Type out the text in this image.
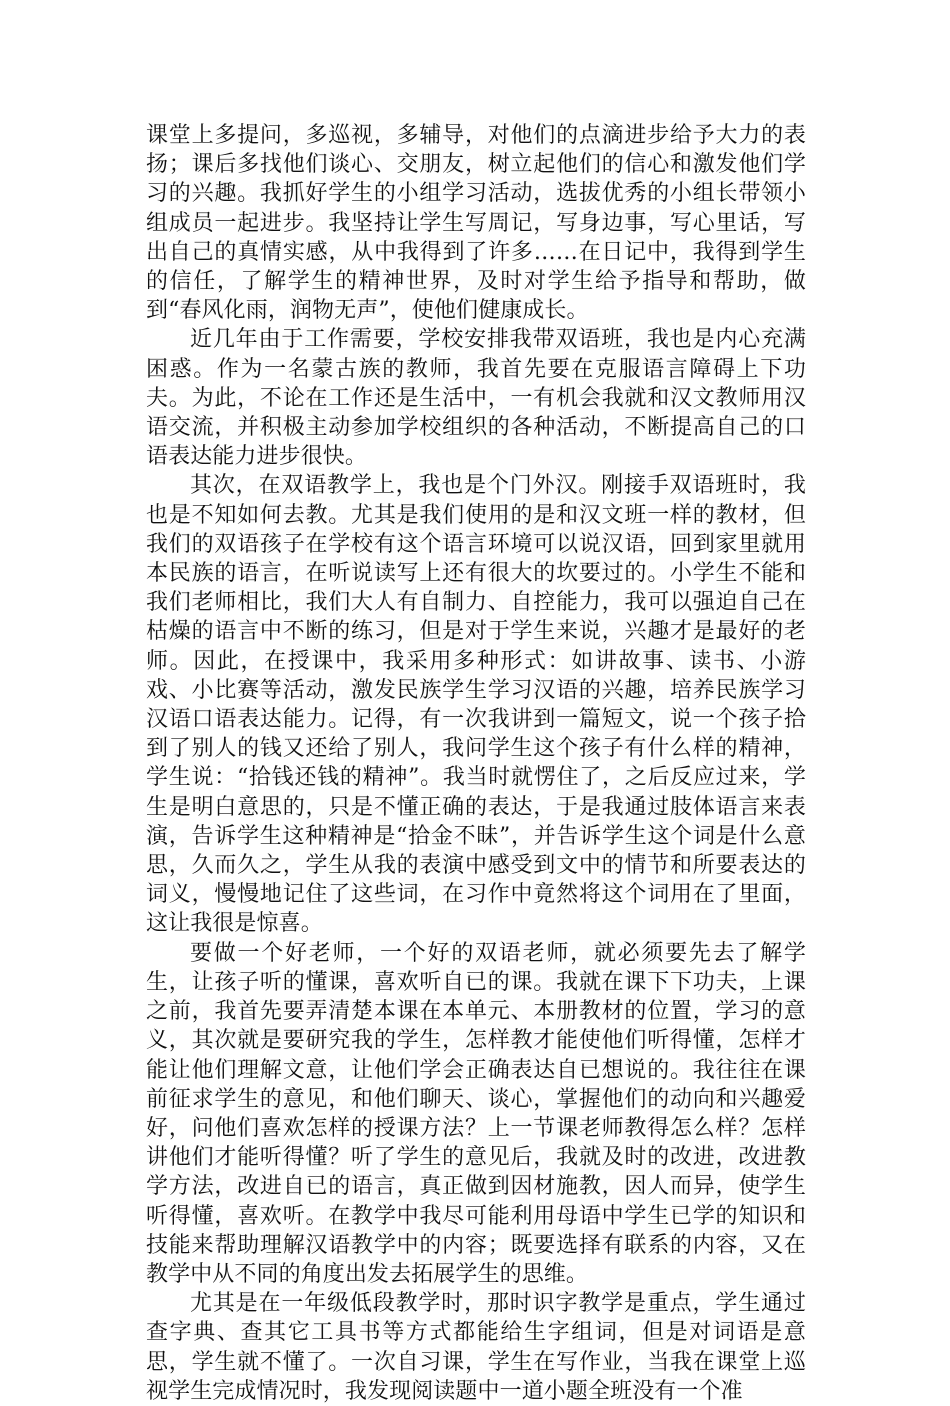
课堂上多提问，多巡视，多辅导，对他们的点滴进步给予大力的表扬；课后多找他们谈心、交朋友，树立起他们的信心和激发他们学习的兴趣。我抓好学生的小组学习活动，选拔优秀的小组长带领小组成员一起进步。我坚持让学生写周记，写身边事，写心里话，写出自己的真情实感，从中我得到了许多……在日记中，我得到学生的信任，了解学生的精神世界，及时对学生给予指导和帮助，做到“春风化雨，润物无声”，使他们健康成长。

近几年由于工作需要，学校安排我带双语班，我也是内心充满困惑。作为一名蒙古族的教师，我首先要在克服语言障碍上下功夫。为此，不论在工作还是生活中，一有机会我就和汉文教师用汉语交流，并积极主动参加学校组织的各种活动，不断提高自己的口语表达能力进步很快。

其次，在双语教学上，我也是个门外汉。刚接手双语班时，我也是不知如何去教。尤其是我们使用的是和汉文班一样的教材，但我们的双语孩子在学校有这个语言环境可以说汉语，回到家里就用本民族的语言，在听说读写上还有很大的坎要过的。小学生不能和我们老师相比，我们大人有自制力、自控能力，我可以强迫自己在枯燥的语言中不断的练习，但是对于学生来说，兴趣才是最好的老师。因此，在授课中，我采用多种形式：如讲故事、读书、小游戏、小比赛等活动，激发民族学生学习汉语的兴趣，培养民族学习汉语口语表达能力。记得，有一次我讲到一篇短文，说一个孩子拾到了别人的钱又还给了别人，我问学生这个孩子有什么样的精神，学生说：“拾钱还钱的精神”。我当时就愣住了，之后反应过来，学生是明白意思的，只是不懂正确的表达，于是我通过肢体语言来表演，告诉学生这种精神是“拾金不昧”，并告诉学生这个词是什么意思，久而久之，学生从我的表演中感受到文中的情节和所要表达的词义，慢慢地记住了这些词，在习作中竟然将这个词用在了里面，这让我很是惊喜。

要做一个好老师，一个好的双语老师，就必须要先去了解学生，让孩子听的懂课，喜欢听自已的课。我就在课下下功夫，上课之前，我首先要弄清楚本课在本单元、本册教材的位置，学习的意义，其次就是要研究我的学生，怎样教才能使他们听得懂，怎样才能让他们理解文意，让他们学会正确表达自已想说的。我往往在课前征求学生的意见，和他们聊天、谈心，掌握他们的动向和兴趣爱好，问他们喜欢怎样的授课方法？上一节课老师教得怎么样？怎样讲他们才能听得懂？听了学生的意见后，我就及时的改进，改进教学方法，改进自已的语言，真正做到因材施教，因人而异，使学生听得懂，喜欢听。在教学中我尽可能利用母语中学生已学的知识和技能来帮助理解汉语教学中的内容；既要选择有联系的内容，又在教学中从不同的角度出发去拓展学生的思维。

尤其是在一年级低段教学时，那时识字教学是重点，学生通过查字典、查其它工具书等方式都能给生字组词，但是对词语是意思，学生就不懂了。一次自习课，学生在写作业，当我在课堂上巡视学生完成情况时，我发现阅读题中一道小题全班没有一个准
